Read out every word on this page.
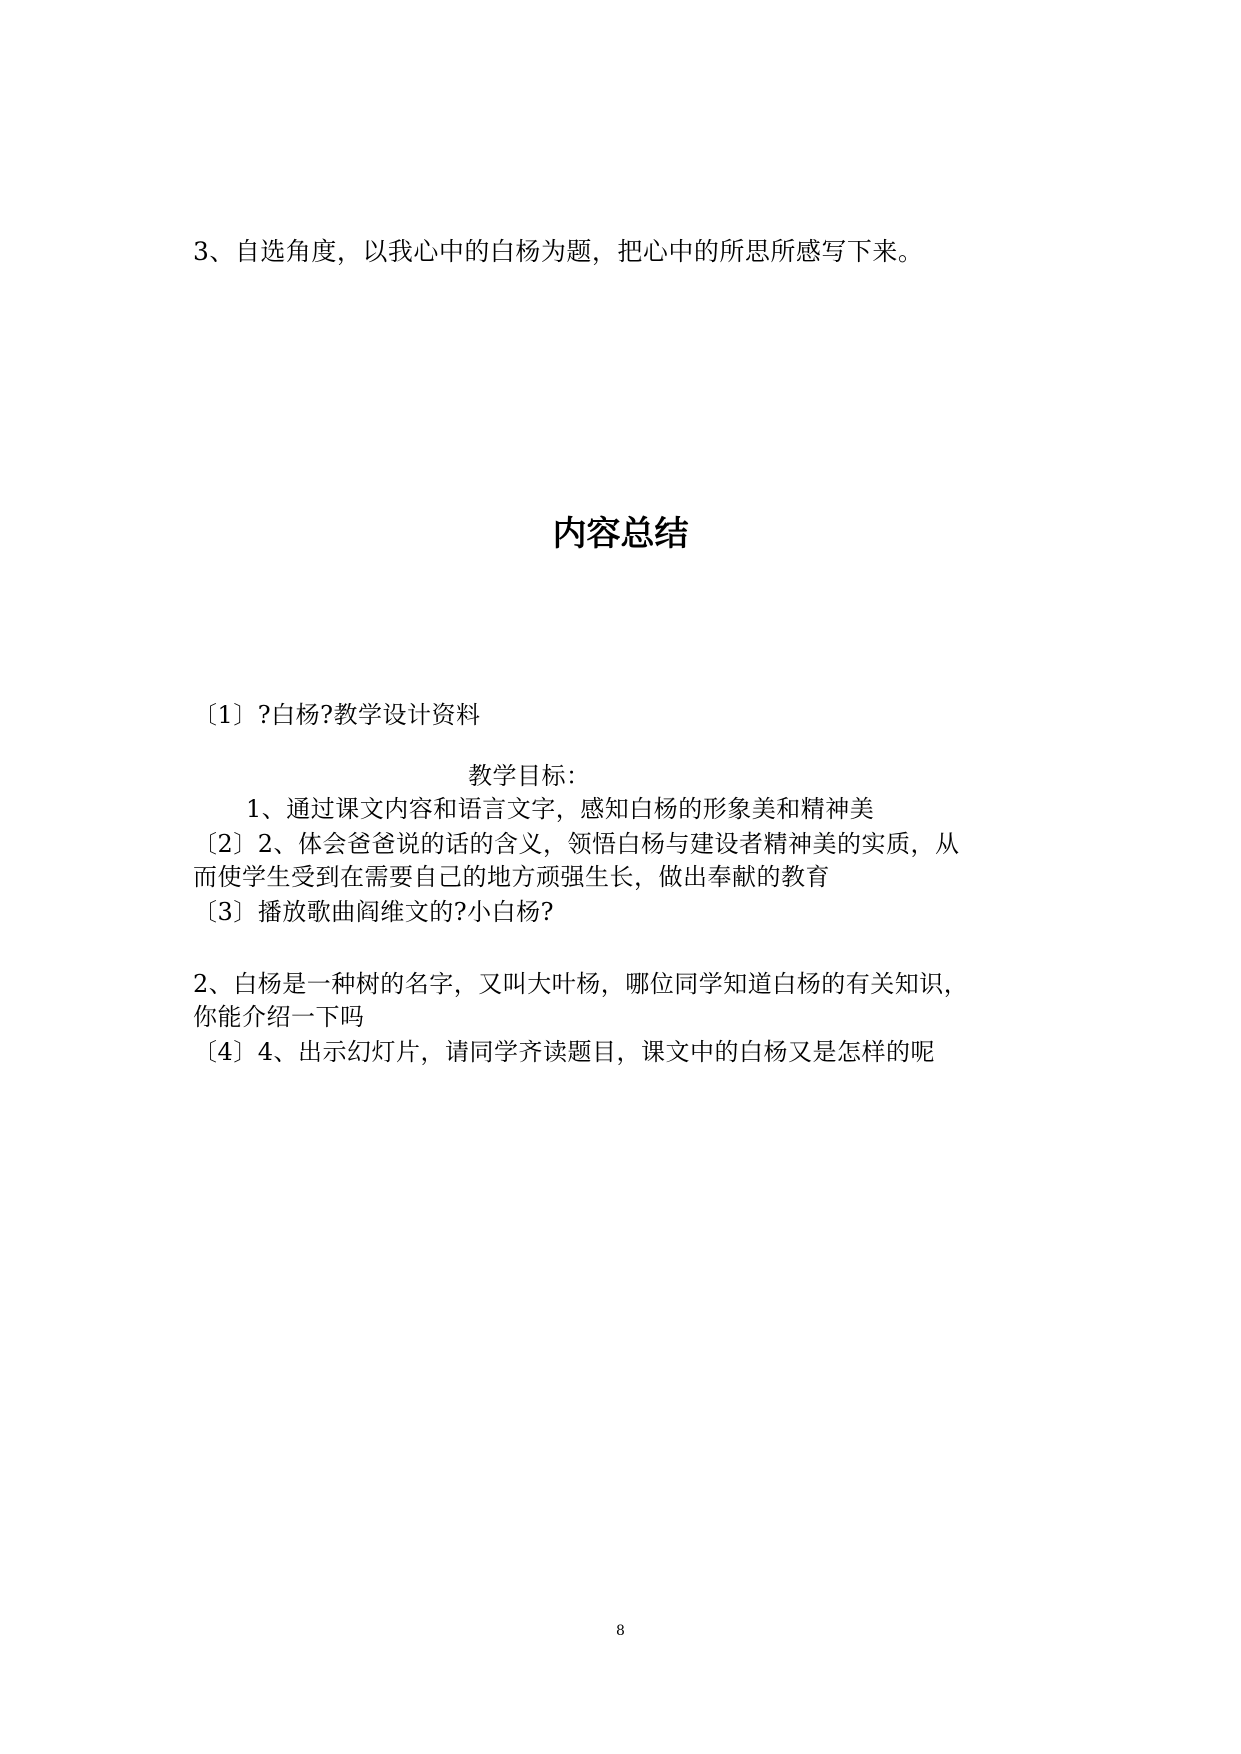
3、自选角度，以我心中的白杨为题，把心中的所思所感写下来。
内容总结
〔1〕?白杨?教学设计资料
教学目标：
1、通过课文内容和语言文字，感知白杨的形象美和精神美
〔2〕2、体会爸爸说的话的含义，领悟白杨与建设者精神美的实质，从
而使学生受到在需要自己的地方顽强生长，做出奉献的教育
〔3〕播放歌曲阎维文的?小白杨?
2、白杨是一种树的名字，又叫大叶杨，哪位同学知道白杨的有关知识，
你能介绍一下吗
〔4〕4、出示幻灯片，请同学齐读题目，课文中的白杨又是怎样的呢
8
